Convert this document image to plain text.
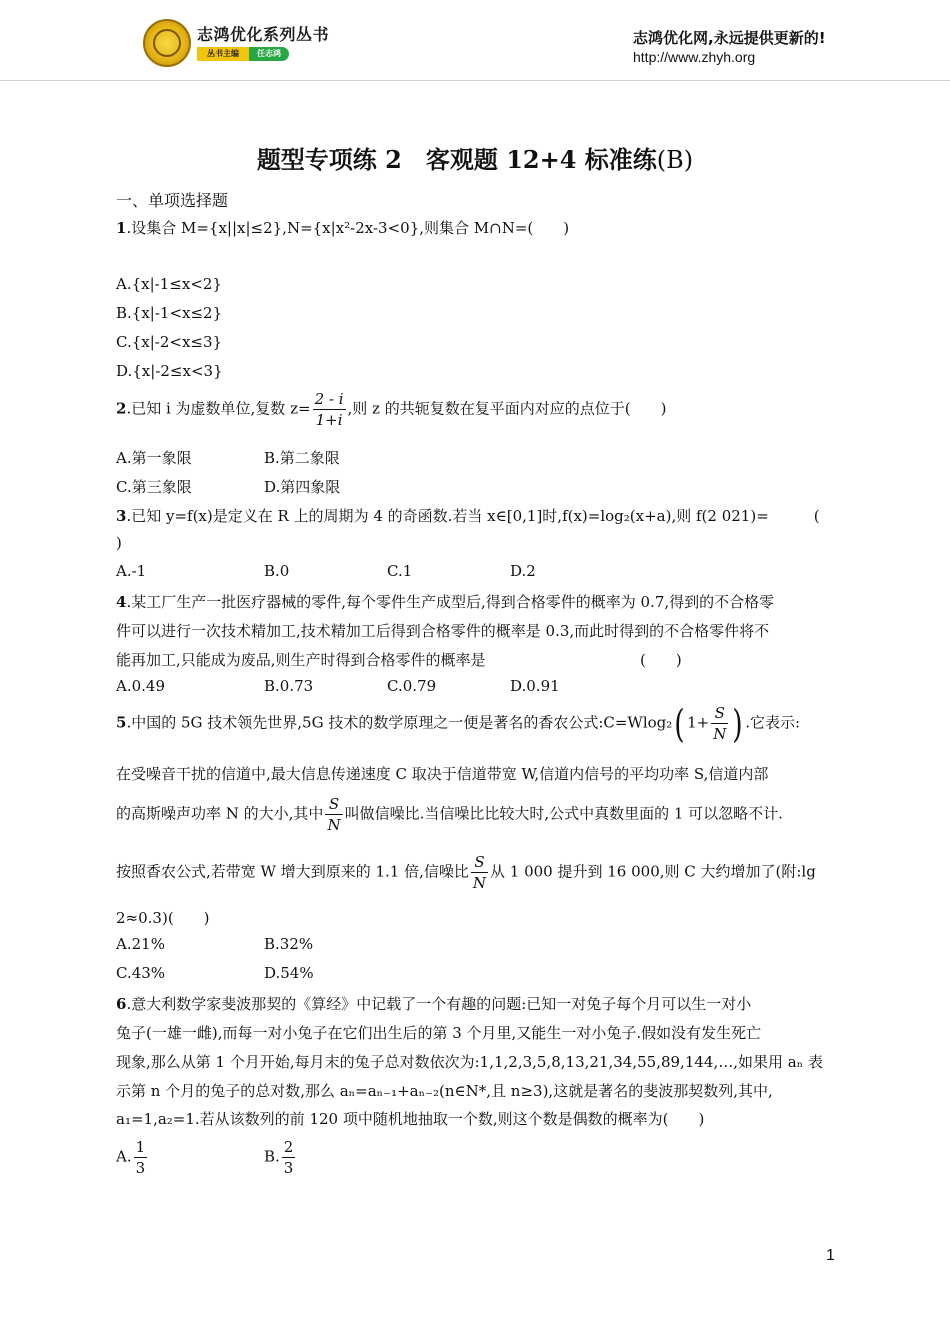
志鸿优化系列丛书
丛书主编	任志鸿
志鸿优化网,永远提供更新的!
http://www.zhyh.org
题型专项练 2　客观题 12+4 标准练(B)
一、单项选择题
1.设集合 M={x||x|≤2},N={x|x²-2x-3<0},则集合 M∩N=(　　)
A.{x|-1≤x<2}
B.{x|-1<x≤2}
C.{x|-2<x≤3}
D.{x|-2≤x<3}
2.已知 i 为虚数单位,复数 $z= \frac{2 - i}{1+i}$ ,则 z 的共轭复数在复平面内对应的点位于(　　)
A.第一象限	B.第二象限
C.第三象限	D.第四象限
3.已知 y=f(x)是定义在 R 上的周期为 4 的奇函数.若当 x∈[0,1]时,f(x)=log₂(x+a),则 f(2 021)=　　　(
)
A.-1	B.0	C.1	D.2
4.某工厂生产一批医疗器械的零件,每个零件生产成型后,得到合格零件的概率为 0.7,得到的不合格零
件可以进行一次技术精加工,技术精加工后得到合格零件的概率是 0.3,而此时得到的不合格零件将不
能再加工,只能成为废品,则生产时得到合格零件的概率是	(　　)
A.0.49	B.0.73	C.0.79	D.0.91
5.中国的 5G 技术领先世界,5G 技术的数学原理之一便是著名的香农公式:C=Wlog₂( $1+ \frac{S}{N}$ ) .它表示:
在受噪音干扰的信道中,最大信息传递速度 C 取决于信道带宽 W,信道内信号的平均功率 S,信道内部
的高斯噪声功率 N 的大小,其中 $\frac{S}{N}$ 叫做信噪比.当信噪比比较大时,公式中真数里面的 1 可以忽略不计.
按照香农公式,若带宽 W 增大到原来的 1.1 倍,信噪比 $\frac{S}{N}$ 从 1 000 提升到 16 000,则 C 大约增加了(附:lg
2≈0.3)(　　)
A.21%	B.32%
C.43%	D.54%
6.意大利数学家斐波那契的《算经》中记载了一个有趣的问题:已知一对兔子每个月可以生一对小
兔子(一雄一雌),而每一对小兔子在它们出生后的第 3 个月里,又能生一对小兔子.假如没有发生死亡
现象,那么从第 1 个月开始,每月末的兔子总对数依次为:1,1,2,3,5,8,13,21,34,55,89,144,…,如果用 aₙ 表
示第 n 个月的兔子的总对数,那么 aₙ=aₙ₋₁+aₙ₋₂(n∈N*,且 n≥3),这就是著名的斐波那契数列,其中,
a₁=1,a₂=1.若从该数列的前 120 项中随机地抽取一个数,则这个数是偶数的概率为(　　)
A. $\frac{1}{3}$	B. $\frac{2}{3}$
1
